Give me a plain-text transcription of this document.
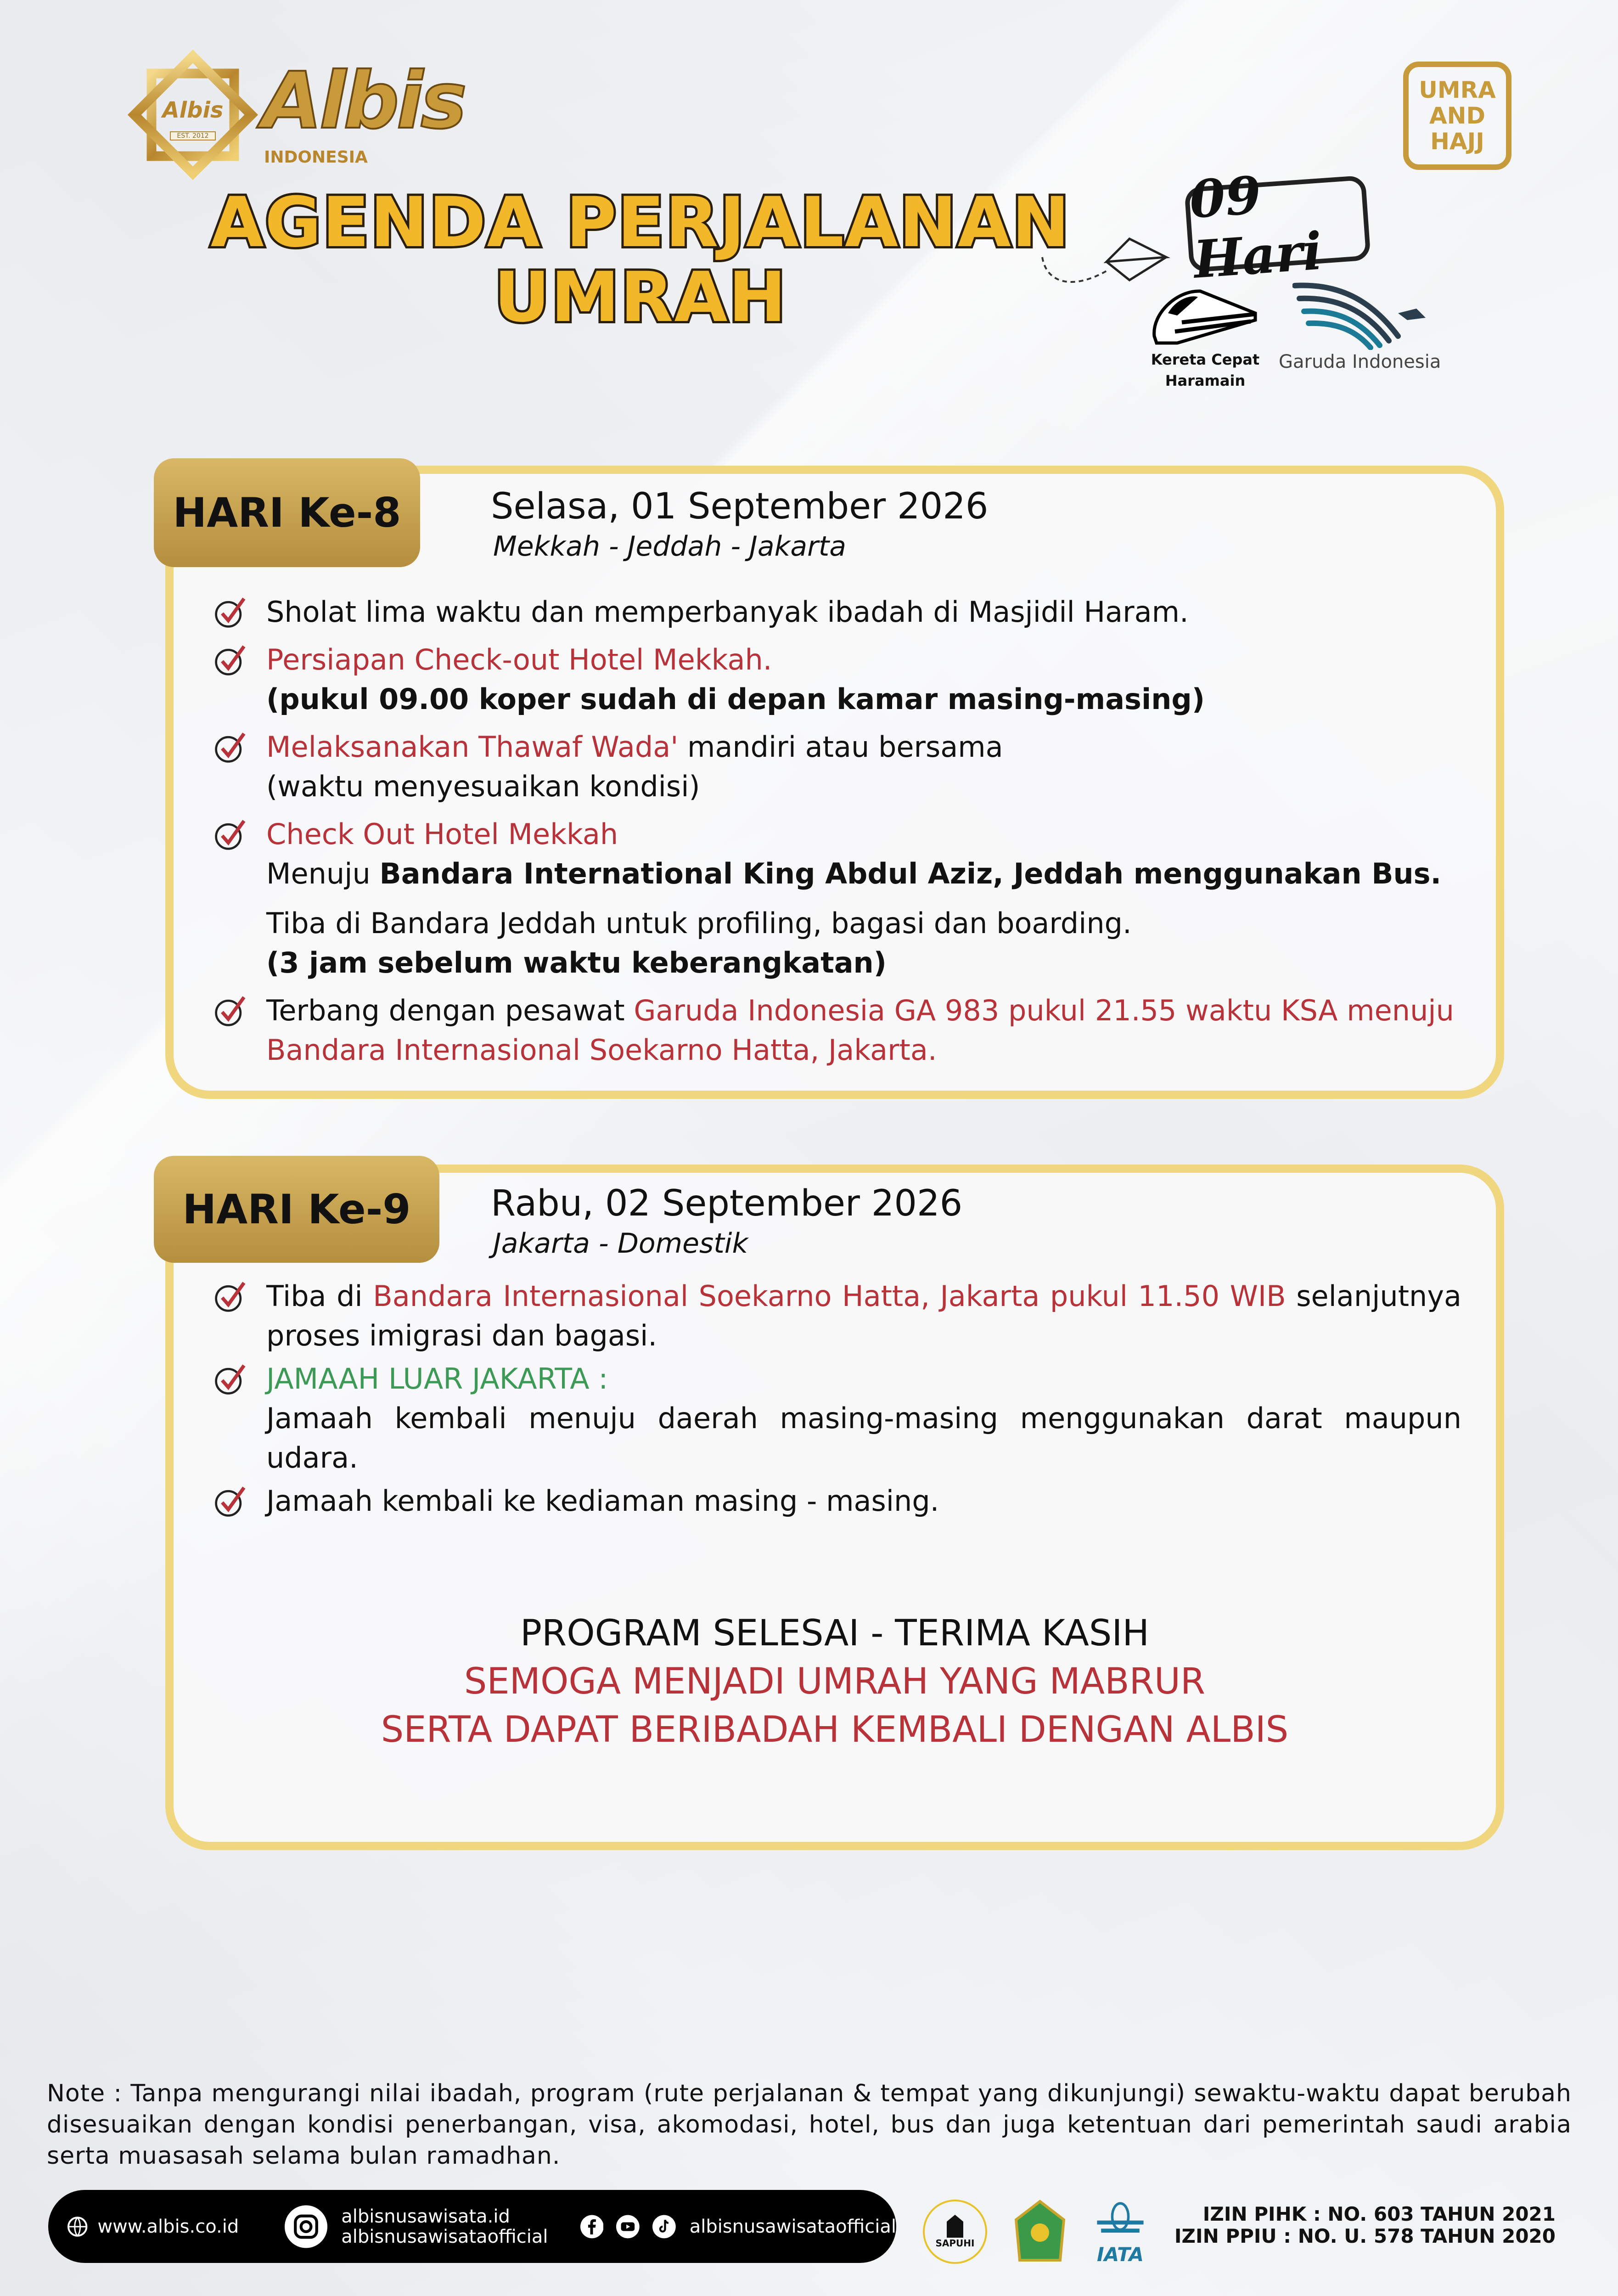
Albis
EST. 2012 Albis
INDONESIA
UMRA AND HAJJ
AGENDA PERJALANAN
UMRAH
09 Hari
Kereta Cepat
Haramain
Garuda Indonesia
HARI Ke-8	Selasa, 01 September 2026
Mekkah - Jeddah - Jakarta
Sholat lima waktu dan memperbanyak ibadah di Masjidil Haram.
Persiapan Check-out Hotel Mekkah.
(pukul 09.00 koper sudah di depan kamar masing-masing)
Melaksanakan Thawaf Wada' mandiri atau bersama
(waktu menyesuaikan kondisi)
Check Out Hotel Mekkah
Menuju Bandara International King Abdul Aziz, Jeddah menggunakan Bus.
Tiba di Bandara Jeddah untuk profiling, bagasi dan boarding.
(3 jam sebelum waktu keberangkatan)
Terbang dengan pesawat Garuda Indonesia GA 983 pukul 21.55 waktu KSA menuju Bandara Internasional Soekarno Hatta, Jakarta.
HARI Ke-9	Rabu, 02 September 2026
Jakarta - Domestik
Tiba di Bandara Internasional Soekarno Hatta, Jakarta pukul 11.50 WIB selanjutnya proses imigrasi dan bagasi.
JAMAAH LUAR JAKARTA :
Jamaah kembali menuju daerah masing-masing menggunakan darat maupun udara.
Jamaah kembali ke kediaman masing - masing.
PROGRAM SELESAI - TERIMA KASIH
SEMOGA MENJADI UMRAH YANG MABRUR
SERTA DAPAT BERIBADAH KEMBALI DENGAN ALBIS
Note : Tanpa mengurangi nilai ibadah, program (rute perjalanan & tempat yang dikunjungi) sewaktu-waktu dapat berubah disesuaikan dengan kondisi penerbangan, visa, akomodasi, hotel, bus dan juga ketentuan dari pemerintah saudi arabia serta muasasah selama bulan ramadhan.
www.albis.co.id	albisnusawisata.id
albisnusawisataofficial	albisnusawisataofficial
SAPUHI	IATA
IZIN PIHK : NO. 603 TAHUN 2021
IZIN PPIU : NO. U. 578 TAHUN 2020
